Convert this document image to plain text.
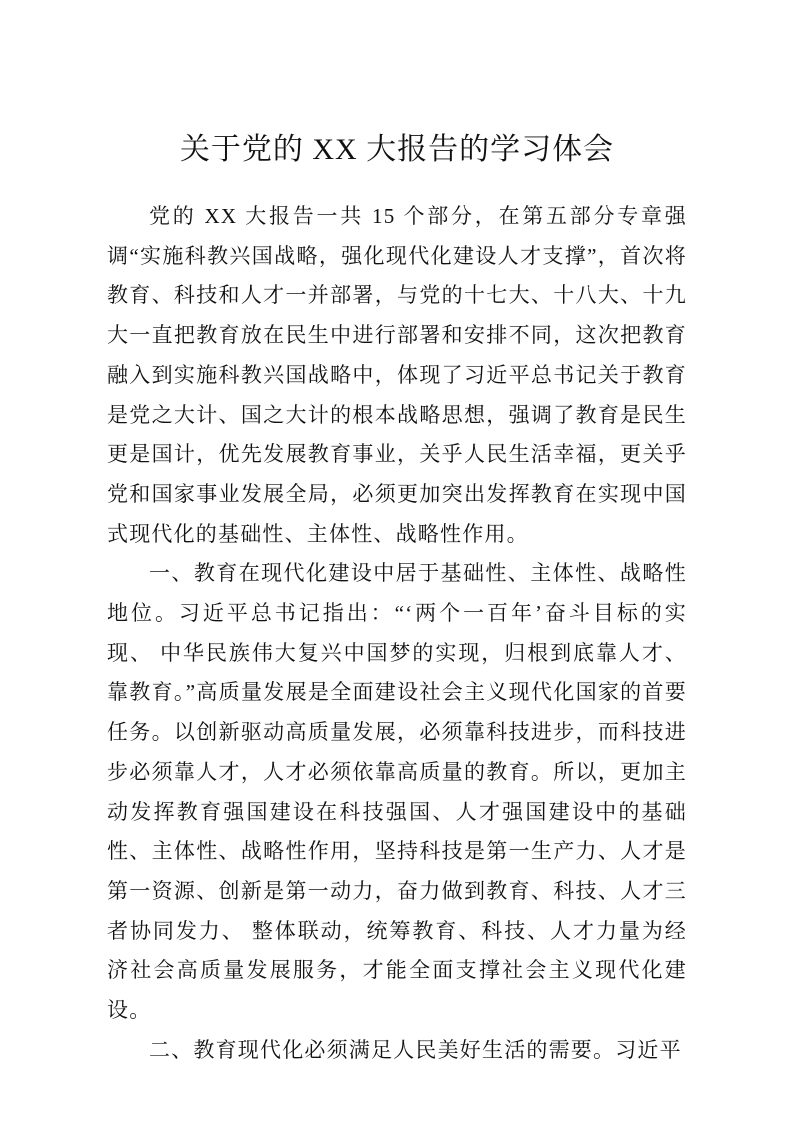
关于党的 XX 大报告的学习体会

党的 XX 大报告一共 15 个部分，在第五部分专章强调“实施科教兴国战略，强化现代化建设人才支撑”，首次将教育、科技和人才一并部署，与党的十七大、十八大、十九大一直把教育放在民生中进行部署和安排不同，这次把教育融入到实施科教兴国战略中，体现了习近平总书记关于教育是党之大计、国之大计的根本战略思想，强调了教育是民生更是国计，优先发展教育事业，关乎人民生活幸福，更关乎党和国家事业发展全局，必须更加突出发挥教育在实现中国式现代化的基础性、主体性、战略性作用。

一、教育在现代化建设中居于基础性、主体性、战略性地位。习近平总书记指出：“‘两个一百年’奋斗目标的实现、 中华民族伟大复兴中国梦的实现，归根到底靠人才、靠教育。”高质量发展是全面建设社会主义现代化国家的首要任务。以创新驱动高质量发展，必须靠科技进步，而科技进步必须靠人才，人才必须依靠高质量的教育。所以，更加主动发挥教育强国建设在科技强国、人才强国建设中的基础性、主体性、战略性作用，坚持科技是第一生产力、人才是第一资源、创新是第一动力，奋力做到教育、科技、人才三者协同发力、 整体联动，统筹教育、科技、人才力量为经济社会高质量发展服务，才能全面支撑社会主义现代化建设。

二、教育现代化必须满足人民美好生活的需要。习近平
